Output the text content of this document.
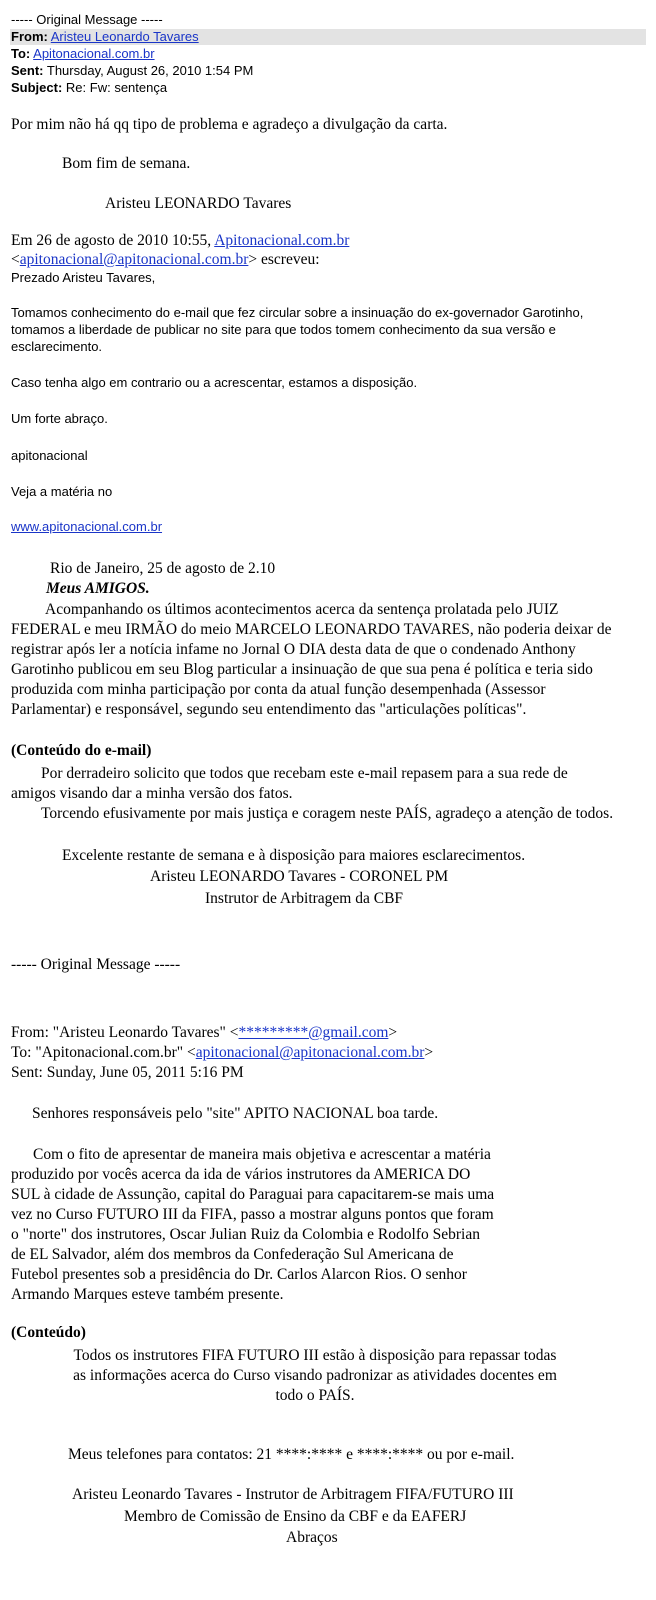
----- Original Message -----
From: Aristeu Leonardo Tavares
To: Apitonacional.com.br
Sent: Thursday, August 26, 2010 1:54 PM
Subject: Re: Fw: sentença
Por mim não há qq tipo de problema e agradeço a divulgação da carta.
Bom fim de semana.
Aristeu LEONARDO Tavares
Em 26 de agosto de 2010 10:55, Apitonacional.com.br
<apitonacional@apitonacional.com.br> escreveu:
Prezado Aristeu Tavares,
Tomamos conhecimento do e-mail que fez circular sobre a insinuação do ex-governador Garotinho, tomamos a liberdade de publicar no site para que todos tomem conhecimento da sua versão e esclarecimento.
Caso tenha algo em contrario ou a acrescentar, estamos a disposição.
Um forte abraço.
apitonacional
Veja a matéria no
www.apitonacional.com.br
Rio de Janeiro, 25 de agosto de 2.10
Meus AMIGOS.
Acompanhando os últimos acontecimentos acerca da sentença prolatada pelo JUIZ FEDERAL e meu IRMÃO do meio MARCELO LEONARDO TAVARES, não poderia deixar de registrar após ler a notícia infame no Jornal O DIA desta data de que o condenado Anthony Garotinho publicou em seu Blog particular a insinuação de que sua pena é política e teria sido produzida com minha participação por conta da atual função desempenhada (Assessor Parlamentar) e responsável, segundo seu entendimento das "articulações políticas".
(Conteúdo do e-mail)
Por derradeiro solicito que todos que recebam este e-mail repasem para a sua rede de amigos visando dar a minha versão dos fatos.
Torcendo efusivamente por mais justiça e coragem neste PAÍS, agradeço a atenção de todos.
Excelente restante de semana e à disposição para maiores esclarecimentos.
Aristeu LEONARDO Tavares - CORONEL PM
Instrutor de Arbitragem da CBF
----- Original Message -----
From: "Aristeu Leonardo Tavares" <*********@gmail.com>
To: "Apitonacional.com.br" <apitonacional@apitonacional.com.br>
Sent: Sunday, June 05, 2011 5:16 PM
Senhores responsáveis pelo "site" APITO NACIONAL boa tarde.
Com o fito de apresentar de maneira mais objetiva e acrescentar a matéria produzido por vocês acerca da ida de vários instrutores da AMERICA DO SUL à cidade de Assunção, capital do Paraguai para capacitarem-se mais uma vez no Curso FUTURO III da FIFA, passo a mostrar alguns pontos que foram o "norte" dos instrutores, Oscar Julian Ruiz da Colombia e Rodolfo Sebrian de EL Salvador, além dos membros da Confederação Sul Americana de Futebol presentes sob a presidência do Dr. Carlos Alarcon Rios. O senhor Armando Marques esteve também presente.
(Conteúdo)
Todos os instrutores FIFA FUTURO III estão à disposição para repassar todas as informações acerca do Curso visando padronizar as atividades docentes em todo o PAÍS.
Meus telefones para contatos: 21 ****:**** e ****:**** ou por e-mail.
Aristeu Leonardo Tavares - Instrutor de Arbitragem FIFA/FUTURO III
Membro de Comissão de Ensino da CBF e da EAFERJ
Abraços
